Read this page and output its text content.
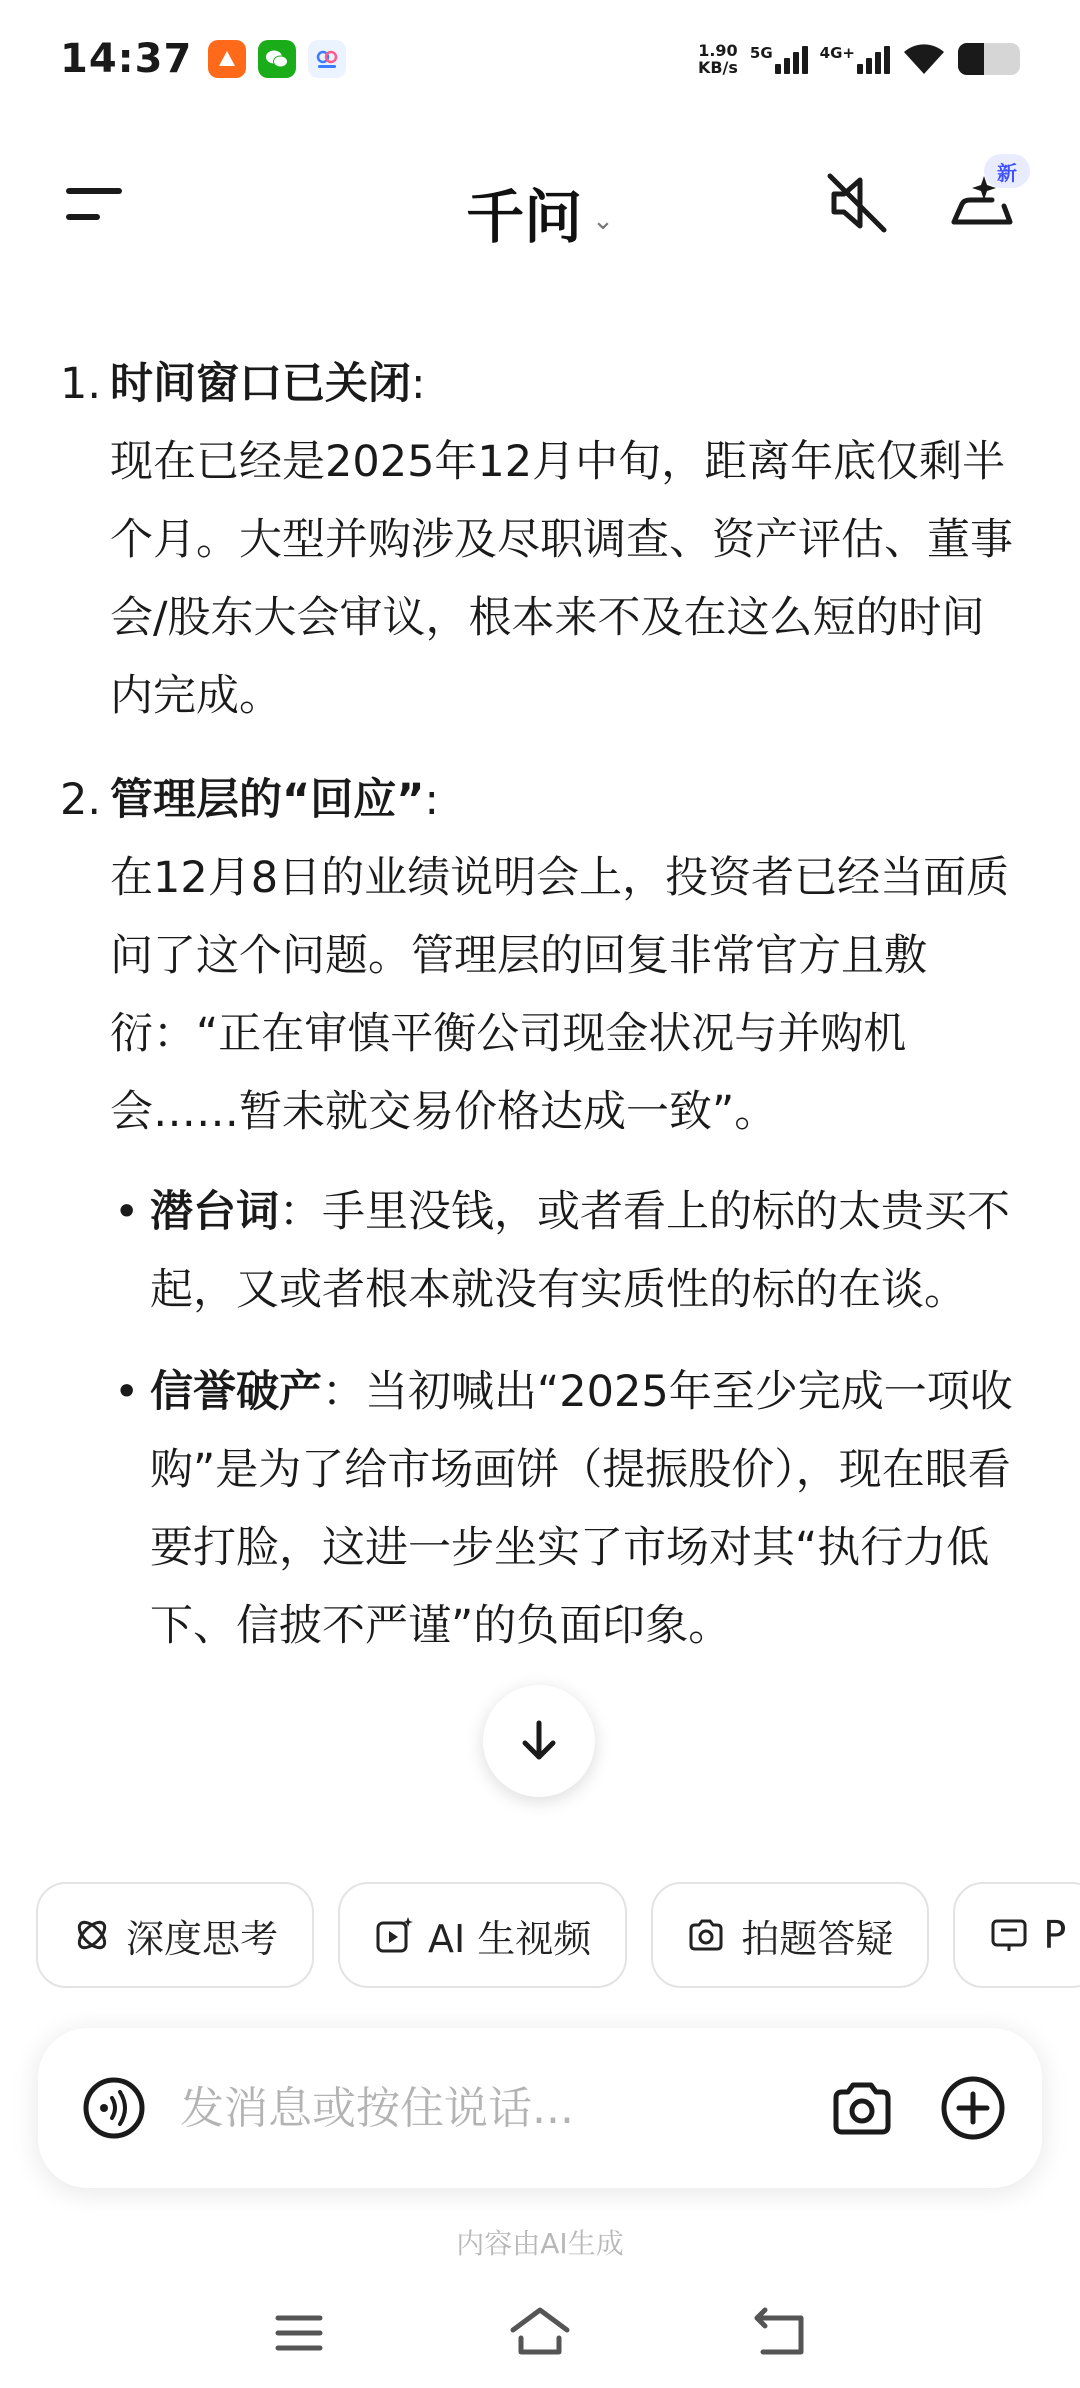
14:37	1.90
KB/s
5G	4G+
千问 ⌄
新
1. 时间窗口已关闭:
现在已经是2025年12月中旬，距离年底仅剩半个月。大型并购涉及尽职调查、资产评估、董事会/股东大会审议，根本来不及在这么短的时间内完成。
2. 管理层的“回应”:
在12月8日的业绩说明会上，投资者已经当面质问了这个问题。管理层的回复非常官方且敷衍：“正在审慎平衡公司现金状况与并购机会……暂未就交易价格达成一致”。
• 潜台词：手里没钱，或者看上的标的太贵买不起，又或者根本就没有实质性的标的在谈。
• 信誉破产：当初喊出“2025年至少完成一项收购”是为了给市场画饼（提振股价），现在眼看要打脸，这进一步坐实了市场对其“执行力低下、信披不严谨”的负面印象。
深度思考	AI 生视频	拍题答疑	P
发消息或按住说话...
内容由AI生成
